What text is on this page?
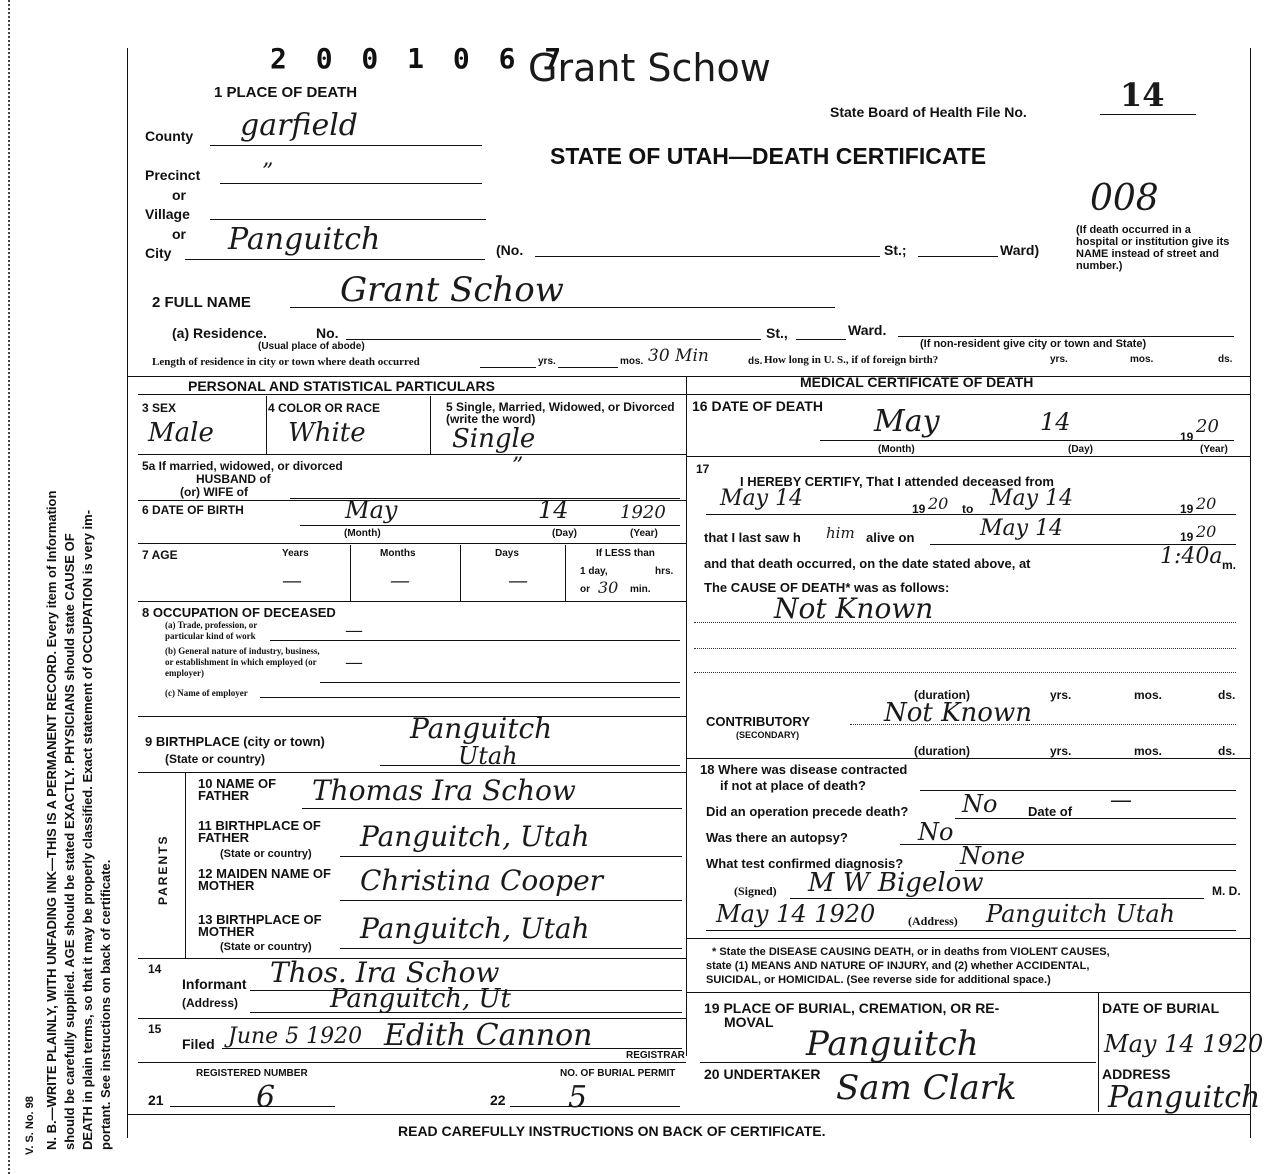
N. B.—WRITE PLAINLY, WITH UNFADING INK—THIS IS A PERMANENT RECORD. Every item of Information should be carefully supplied. AGE should be stated EXACTLY. PHYSICIANS should state CAUSE OF DEATH in plain terms, so that it may be properly classified. Exact statement of OCCUPATION is very im- portant. See instructions on back of certificate.
V. S. No. 98
2 0 0 1 0 6 7
Grant Schow
1 PLACE OF DEATH
State Board of Health File No.	14
STATE OF UTAH—DEATH CERTIFICATE
008
(If death occurred in a hospital or institution give its NAME instead of street and number.)
County garfield
Precinct	”
or
Village
or
City Panguitch	(No.	St.;	Ward)
2 FULL NAME	Grant Schow
(a) Residence.	No.
(Usual place of abode)
St.,	Ward.
(If non-resident give city or town and State)
Length of residence in city or town where death occurred	yrs.	mos. 30 Min	ds. How long in U. S., if of foreign birth?	yrs.	mos.	ds.
PERSONAL AND STATISTICAL PARTICULARS	MEDICAL CERTIFICATE OF DEATH
3 SEX
Male
4 COLOR OR RACE
White
5 Single, Married, Widowed, or Divorced (write the word)
Single
5a If married, widowed, or divorced
HUSBAND of
(or) WIFE of
”
6 DATE OF BIRTH	May	14	1920
(Month)	(Day)	(Year)
7 AGE	Years	Months	Days
—	—	—
If LESS than
1 day,	hrs.
or 30 min.
8 OCCUPATION OF DECEASED
(a) Trade, profession, or particular kind of work	—
(b) General nature of industry, business, or establishment in which employed (or employer)	—
(c) Name of employer
9 BIRTHPLACE (city or town)	Panguitch
(State or country)	Utah
PARENTS
10 NAME OF FATHER	Thomas Ira Schow
11 BIRTHPLACE OF FATHER
(State or country)
Panguitch, Utah
12 MAIDEN NAME OF MOTHER	Christina Cooper
13 BIRTHPLACE OF MOTHER
(State or country)
Panguitch, Utah
14
Informant Thos. Ira Schow
(Address)	Panguitch, Ut
15
Filed June 5 1920 Edith Cannon
REGISTRAR
REGISTERED NUMBER	NO. OF BURIAL PERMIT
21	6	22 5
16 DATE OF DEATH May	14
19 20
(Month)	(Day)	(Year)
17
I HEREBY CERTIFY, That I attended deceased from
May 14	19 20 to May 14	19 20
that I last saw h him alive on	May 14	19 20
and that death occurred, on the date stated above, at	1:40a m.
The CAUSE OF DEATH* was as follows:
Not Known
(duration)	yrs.	mos.	ds.
CONTRIBUTORY
(SECONDARY)
Not Known
(duration)	yrs.	mos.	ds.
18 Where was disease contracted
if not at place of death?
Did an operation precede death? No Date of —
Was there an autopsy?	No
What test confirmed diagnosis? None
(Signed) M W Bigelow	M. D.
May 14 1920	(Address) Panguitch Utah
* State the DISEASE CAUSING DEATH, or in deaths from VIOLENT CAUSES,
state (1) MEANS AND NATURE OF INJURY, and (2) whether ACCIDENTAL,
SUICIDAL, or HOMICIDAL. (See reverse side for additional space.)
19 PLACE OF BURIAL, CREMATION, OR RE-
MOVAL
Panguitch
DATE OF BURIAL
May 14 1920
20 UNDERTAKER Sam Clark	ADDRESS
Panguitch
READ CAREFULLY INSTRUCTIONS ON BACK OF CERTIFICATE.
